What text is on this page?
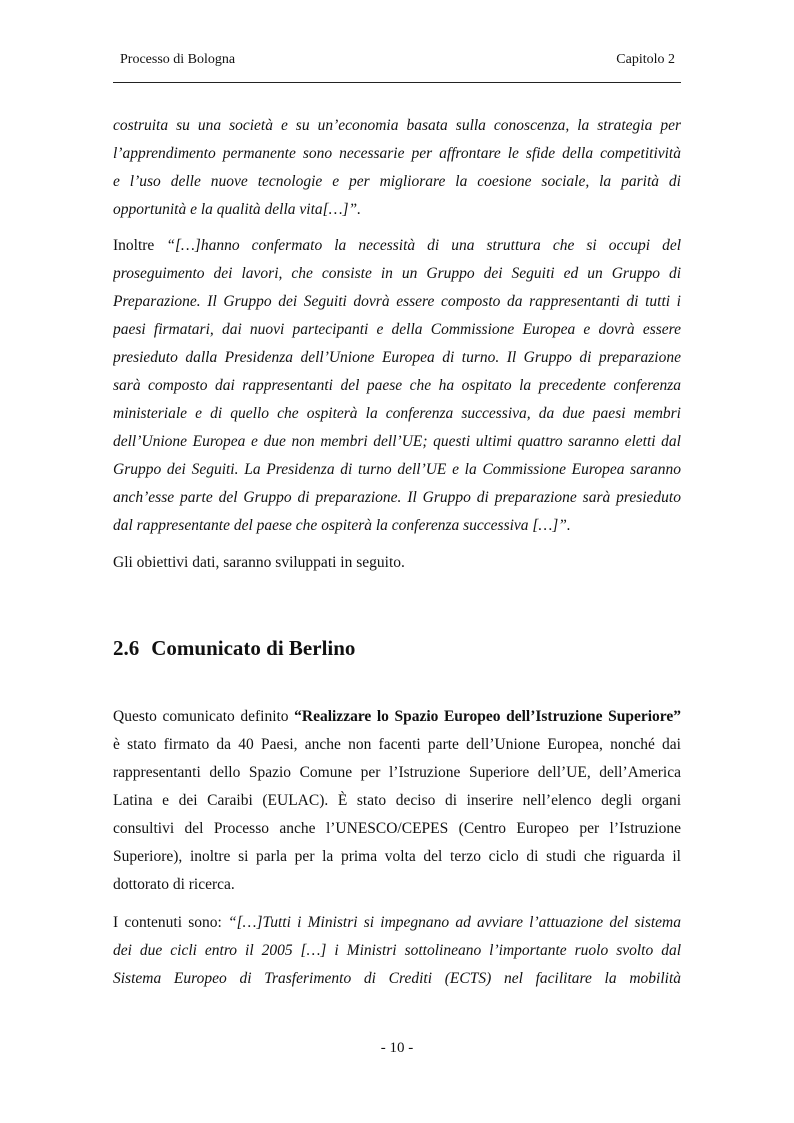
Processo di Bologna	Capitolo 2
costruita su una società e su un’economia basata sulla conoscenza, la strategia per
l’apprendimento permanente sono necessarie per affrontare le sfide della competitività
e l’uso delle nuove tecnologie e per migliorare la coesione sociale, la parità di
opportunità e la qualità della vita[…]”.
Inoltre “[…]hanno confermato la necessità di una struttura che si occupi del
proseguimento dei lavori, che consiste in un Gruppo dei Seguiti ed un Gruppo di
Preparazione. Il Gruppo dei Seguiti dovrà essere composto da rappresentanti di tutti i
paesi firmatari, dai nuovi partecipanti e della Commissione Europea e dovrà essere
presieduto dalla Presidenza dell’Unione Europea di turno. Il Gruppo di preparazione
sarà composto dai rappresentanti del paese che ha ospitato la precedente conferenza
ministeriale e di quello che ospiterà la conferenza successiva, da due paesi membri
dell’Unione Europea e due non membri dell’UE; questi ultimi quattro saranno eletti dal
Gruppo dei Seguiti. La Presidenza di turno dell’UE e la Commissione Europea saranno
anch’esse parte del Gruppo di preparazione. Il Gruppo di preparazione sarà presieduto
dal rappresentante del paese che ospiterà la conferenza successiva […]”.
Gli obiettivi dati, saranno sviluppati in seguito.
2.6 Comunicato di Berlino
Questo comunicato definito “Realizzare lo Spazio Europeo dell’Istruzione Superiore”
è stato firmato da 40 Paesi, anche non facenti parte dell’Unione Europea, nonché dai
rappresentanti dello Spazio Comune per l’Istruzione Superiore dell’UE, dell’America
Latina e dei Caraibi (EULAC). È stato deciso di inserire nell’elenco degli organi
consultivi del Processo anche l’UNESCO/CEPES (Centro Europeo per l’Istruzione
Superiore), inoltre si parla per la prima volta del terzo ciclo di studi che riguarda il
dottorato di ricerca.
I contenuti sono: “[…]Tutti i Ministri si impegnano ad avviare l’attuazione del sistema
dei due cicli entro il 2005 […] i Ministri sottolineano l’importante ruolo svolto dal
Sistema Europeo di Trasferimento di Crediti (ECTS) nel facilitare la mobilità
- 10 -
